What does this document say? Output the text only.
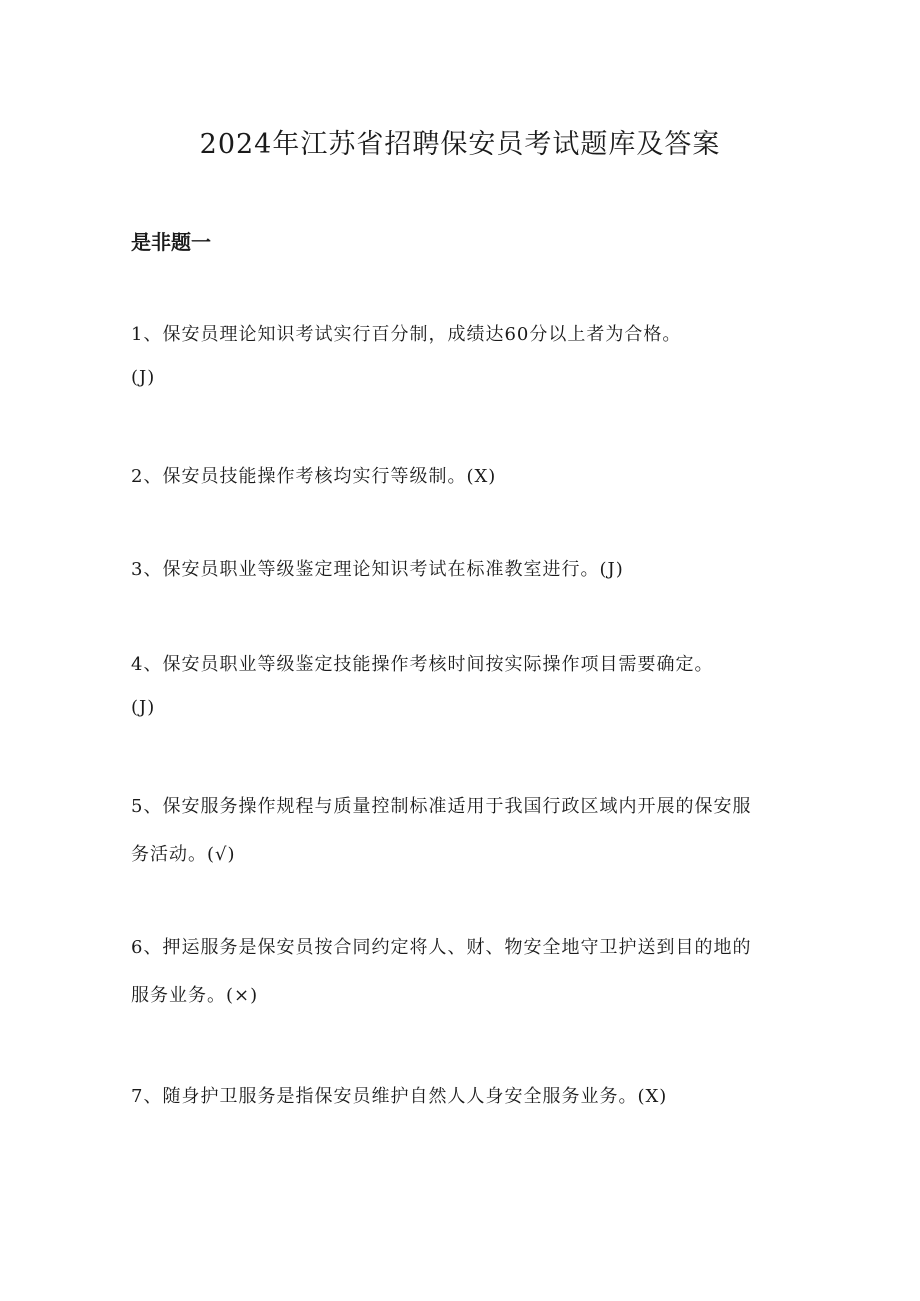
2024年江苏省招聘保安员考试题库及答案
是非题一
1、保安员理论知识考试实行百分制，成绩达60分以上者为合格。
(J)
2、保安员技能操作考核均实行等级制。(X)
3、保安员职业等级鉴定理论知识考试在标准教室进行。(J)
4、保安员职业等级鉴定技能操作考核时间按实际操作项目需要确定。
(J)
5、保安服务操作规程与质量控制标准适用于我国行政区域内开展的保安服
务活动。(√)
6、押运服务是保安员按合同约定将人、财、物安全地守卫护送到目的地的
服务业务。(×)
7、随身护卫服务是指保安员维护自然人人身安全服务业务。(X)
